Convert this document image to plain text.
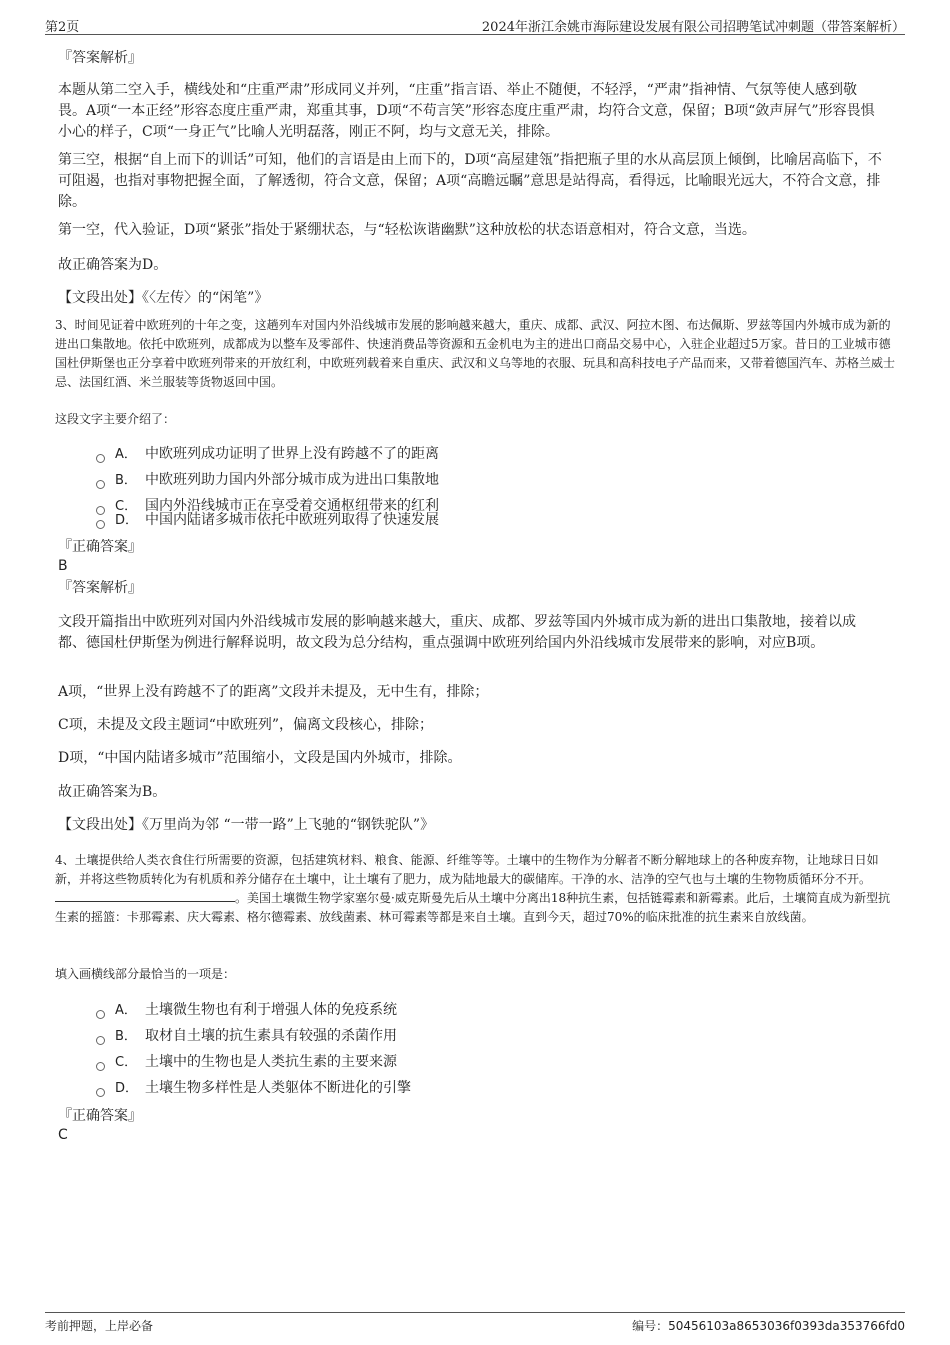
第2页	2024年浙江余姚市海际建设发展有限公司招聘笔试冲刺题（带答案解析）
『答案解析』
本题从第二空入手，横线处和“庄重严肃”形成同义并列，“庄重”指言语、举止不随便，不轻浮，“严肃”指神情、气氛等使人感到敬畏。A项“一本正经”形容态度庄重严肃，郑重其事，D项“不苟言笑”形容态度庄重严肃，均符合文意，保留；B项“敛声屏气”形容畏惧小心的样子，C项“一身正气”比喻人光明磊落，刚正不阿，均与文意无关，排除。
第三空，根据“自上而下的训话”可知，他们的言语是由上而下的，D项“高屋建瓴”指把瓶子里的水从高层顶上倾倒，比喻居高临下，不可阻遏，也指对事物把握全面，了解透彻，符合文意，保留；A项“高瞻远瞩”意思是站得高，看得远，比喻眼光远大，不符合文意，排除。
第一空，代入验证，D项“紧张”指处于紧绷状态，与“轻松诙谐幽默”这种放松的状态语意相对，符合文意，当选。
故正确答案为D。
【文段出处】《〈左传〉的“闲笔”》
3、时间见证着中欧班列的十年之变，这趟列车对国内外沿线城市发展的影响越来越大，重庆、成都、武汉、阿拉木图、布达佩斯、罗兹等国内外城市成为新的进出口集散地。依托中欧班列，成都成为以整车及零部件、快速消费品等资源和五金机电为主的进出口商品交易中心，入驻企业超过5万家。昔日的工业城市德国杜伊斯堡也正分享着中欧班列带来的开放红利，中欧班列载着来自重庆、武汉和义乌等地的衣服、玩具和高科技电子产品而来，又带着德国汽车、苏格兰威士忌、法国红酒、米兰服装等货物返回中国。
这段文字主要介绍了：
A． 中欧班列成功证明了世界上没有跨越不了的距离
B． 中欧班列助力国内外部分城市成为进出口集散地
C． 国内外沿线城市正在享受着交通枢纽带来的红利
D． 中国内陆诸多城市依托中欧班列取得了快速发展
『正确答案』
B
『答案解析』
文段开篇指出中欧班列对国内外沿线城市发展的影响越来越大，重庆、成都、罗兹等国内外城市成为新的进出口集散地，接着以成都、德国杜伊斯堡为例进行解释说明，故文段为总分结构，重点强调中欧班列给国内外沿线城市发展带来的影响，对应B项。
A项，“世界上没有跨越不了的距离”文段并未提及，无中生有，排除；
C项，未提及文段主题词“中欧班列”，偏离文段核心，排除；
D项，“中国内陆诸多城市”范围缩小，文段是国内外城市，排除。
故正确答案为B。
【文段出处】《万里尚为邻 “一带一路”上飞驰的“钢铁驼队”》
4、土壤提供给人类衣食住行所需要的资源，包括建筑材料、粮食、能源、纤维等等。土壤中的生物作为分解者不断分解地球上的各种废弃物，让地球日日如新，并将这些物质转化为有机质和养分储存在土壤中，让土壤有了肥力，成为陆地最大的碳储库。干净的水、洁净的空气也与土壤的生物物质循环分不开。。美国土壤微生物学家塞尔曼·威克斯曼先后从土壤中分离出18种抗生素，包括链霉素和新霉素。此后，土壤简直成为新型抗生素的摇篮：卡那霉素、庆大霉素、格尔德霉素、放线菌素、林可霉素等都是来自土壤。直到今天，超过70%的临床批准的抗生素来自放线菌。
填入画横线部分最恰当的一项是：
A． 土壤微生物也有利于增强人体的免疫系统
B． 取材自土壤的抗生素具有较强的杀菌作用
C． 土壤中的生物也是人类抗生素的主要来源
D． 土壤生物多样性是人类躯体不断进化的引擎
『正确答案』
C
考前押题，上岸必备	编号：50456103a8653036f0393da353766fd0
